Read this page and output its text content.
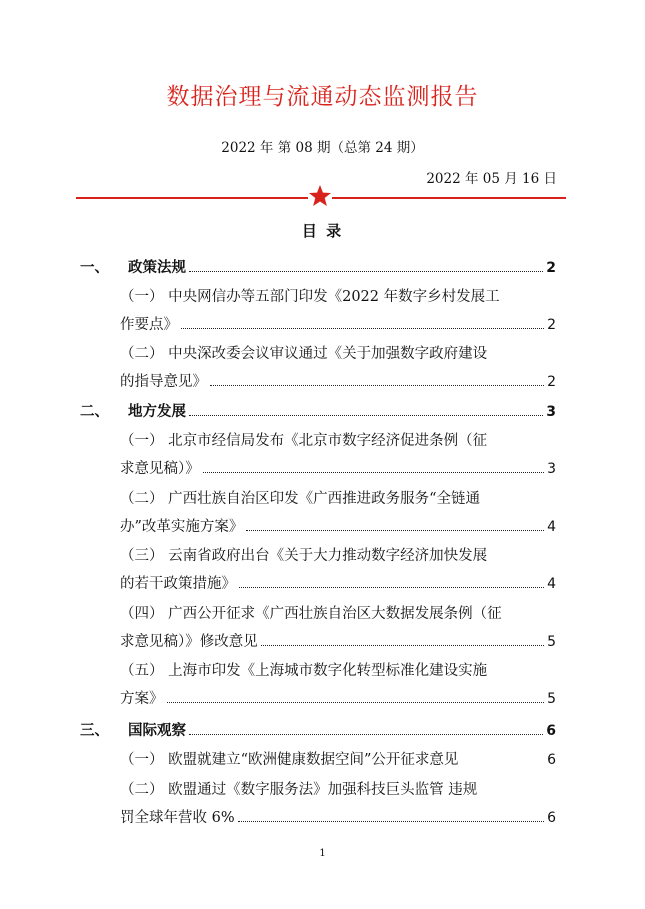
数据治理与流通动态监测报告
2022 年 第 08 期（总第 24 期）
2022 年 05 月 16 日
目 录
一、	政策法规	2
（一） 中央网信办等五部门印发《2022 年数字乡村发展工
作要点》	2
（二） 中央深改委会议审议通过《关于加强数字政府建设
的指导意见》	2
二、	地方发展	3
（一） 北京市经信局发布《北京市数字经济促进条例（征
求意见稿）》	3
（二） 广西壮族自治区印发《广西推进政务服务“全链通
办”改革实施方案》	4
（三） 云南省政府出台《关于大力推动数字经济加快发展
的若干政策措施》	4
（四） 广西公开征求《广西壮族自治区大数据发展条例（征
求意见稿）》修改意见	5
（五） 上海市印发《上海城市数字化转型标准化建设实施
方案》	5
三、	国际观察	6
（一） 欧盟就建立“欧洲健康数据空间”公开征求意见	6
（二） 欧盟通过《数字服务法》加强科技巨头监管 违规
罚全球年营收 6%	6
1
